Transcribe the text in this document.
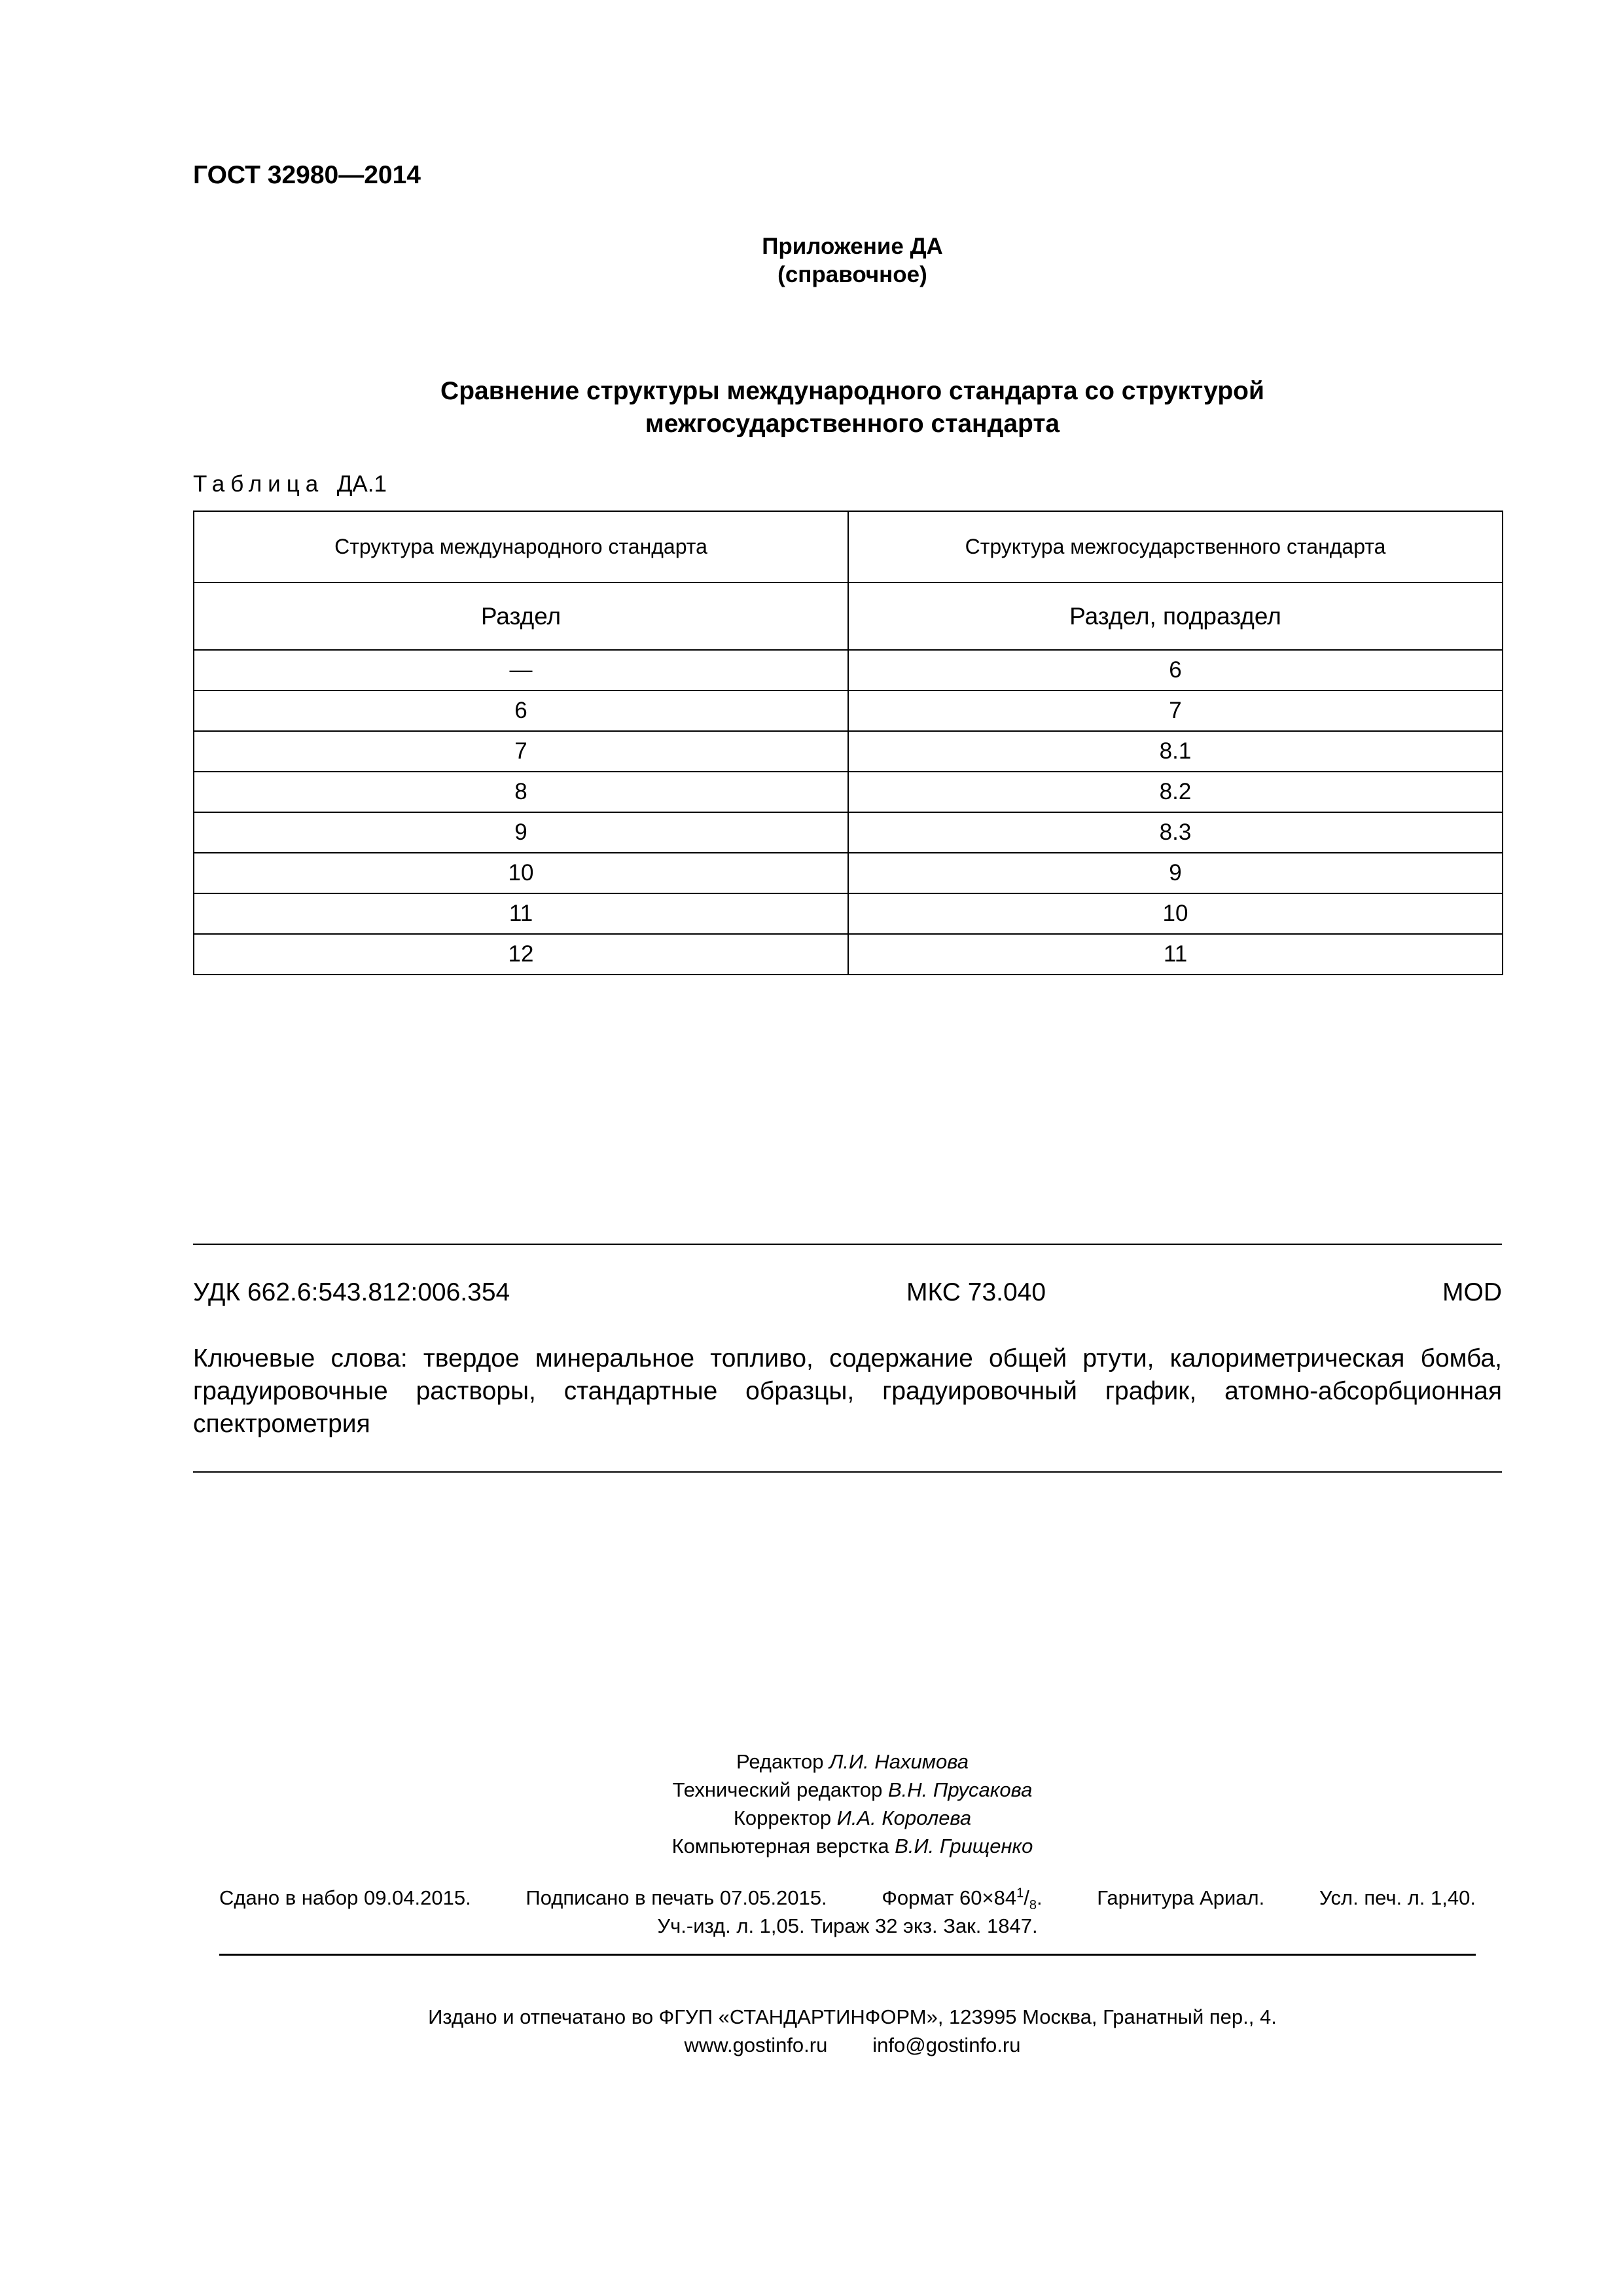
ГОСТ 32980—2014
Приложение ДА
(справочное)
Сравнение структуры международного стандарта со структурой
межгосударственного стандарта
Таблица ДА.1
Структура международного стандарта	Структура межгосударственного стандарта
Раздел	Раздел, подраздел
—	6
6	7
7	8.1
8	8.2
9	8.3
10	9
11	10
12	11
УДК 662.6:543.812:006.354	МКС 73.040	MOD
Ключевые слова: твердое минеральное топливо, содержание общей ртути, калориметрическая бомба, градуировочные растворы, стандартные образцы, градуировочный график, атомно-абсорбционная спектрометрия
Редактор Л.И. Нахимова
Технический редактор В.Н. Прусакова
Корректор И.А. Королева
Компьютерная верстка В.И. Грищенко
Сдано в набор 09.04.2015.	Подписано в печать 07.05.2015.	Формат $60\times 84^1/_8$.	Гарнитура Ариал.	Усл. печ. л. 1,40.
Уч.-изд. л. 1,05. Тираж 32 экз. Зак. 1847.
Издано и отпечатано во ФГУП «СТАНДАРТИНФОРМ», 123995 Москва, Гранатный пер., 4.
www.gostinfo.ru info@gostinfo.ru
